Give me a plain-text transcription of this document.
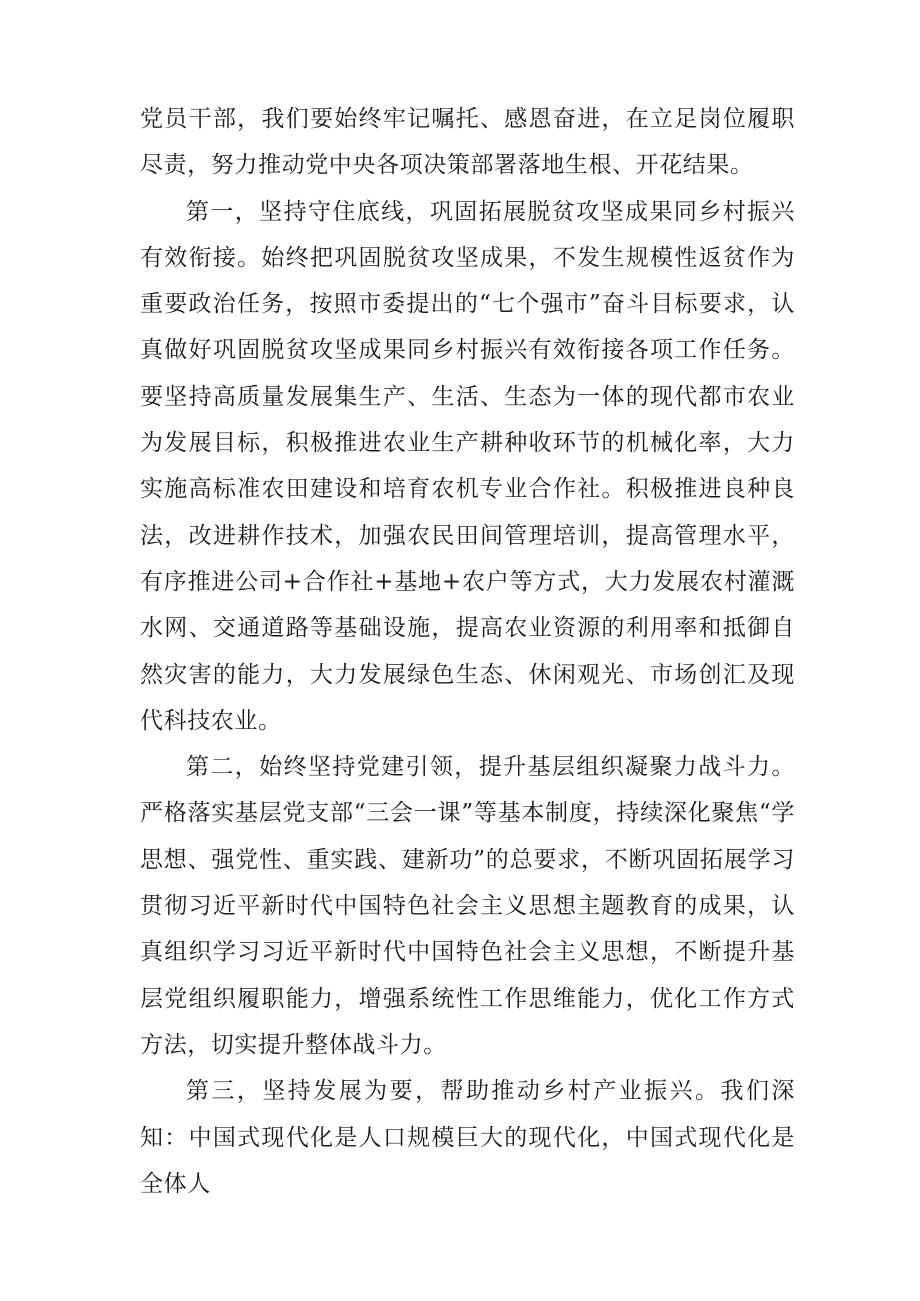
党员干部，我们要始终牢记嘱托、感恩奋进，在立足岗位履职尽责，努力推动党中央各项决策部署落地生根、开花结果。

第一，坚持守住底线，巩固拓展脱贫攻坚成果同乡村振兴有效衔接。始终把巩固脱贫攻坚成果，不发生规模性返贫作为重要政治任务，按照市委提出的“七个强市”奋斗目标要求，认真做好巩固脱贫攻坚成果同乡村振兴有效衔接各项工作任务。要坚持高质量发展集生产、生活、生态为一体的现代都市农业为发展目标，积极推进农业生产耕种收环节的机械化率，大力实施高标准农田建设和培育农机专业合作社。积极推进良种良法，改进耕作技术，加强农民田间管理培训，提高管理水平，有序推进公司+合作社+基地+农户等方式，大力发展农村灌溉水网、交通道路等基础设施，提高农业资源的利用率和抵御自然灾害的能力，大力发展绿色生态、休闲观光、市场创汇及现代科技农业。

第二，始终坚持党建引领，提升基层组织凝聚力战斗力。严格落实基层党支部“三会一课”等基本制度，持续深化聚焦“学思想、强党性、重实践、建新功”的总要求，不断巩固拓展学习贯彻习近平新时代中国特色社会主义思想主题教育的成果，认真组织学习习近平新时代中国特色社会主义思想，不断提升基层党组织履职能力，增强系统性工作思维能力，优化工作方式方法，切实提升整体战斗力。

第三，坚持发展为要，帮助推动乡村产业振兴。我们深知：中国式现代化是人口规模巨大的现代化，中国式现代化是全体人
